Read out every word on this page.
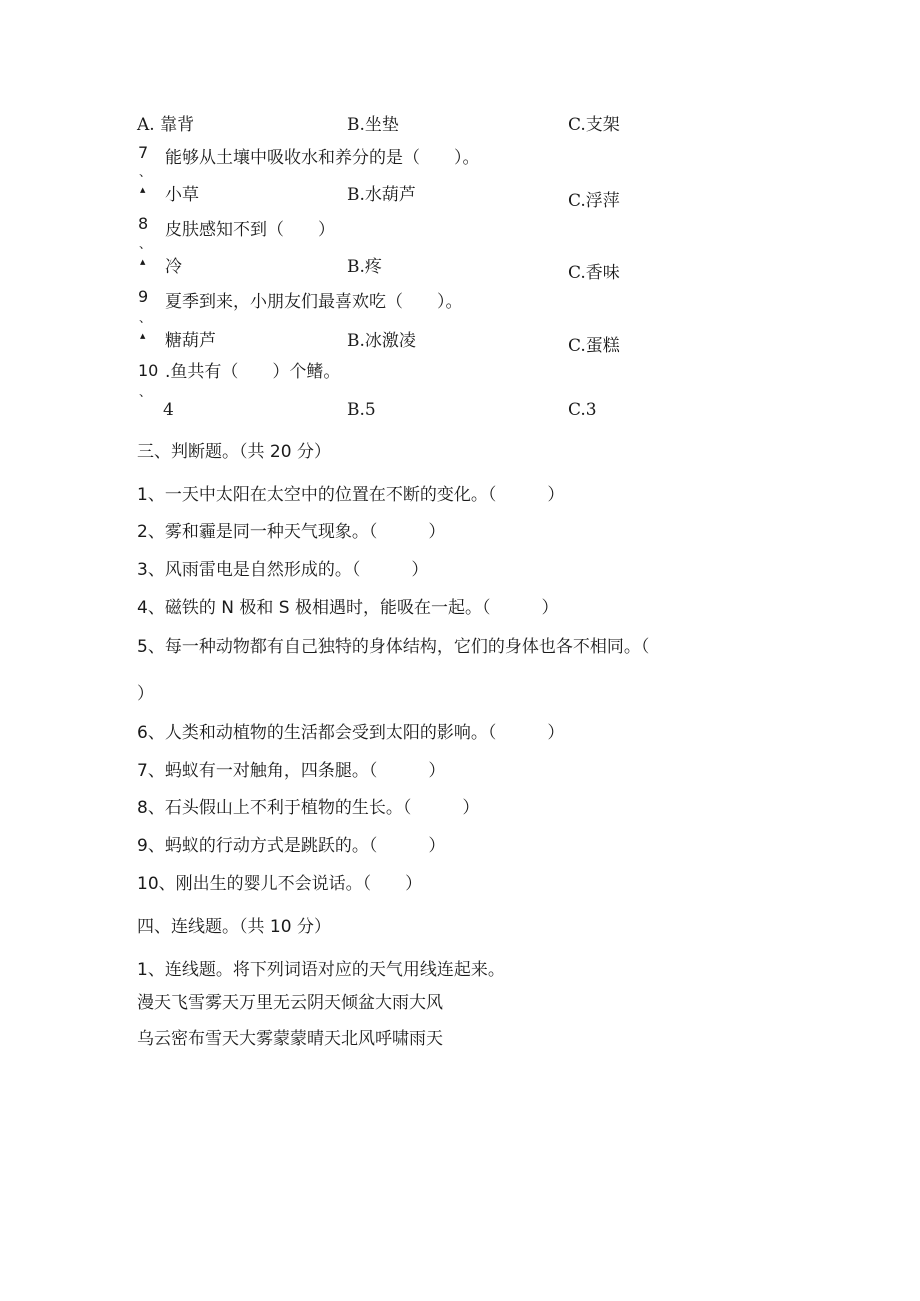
A. 靠背	B.坐垫	C.支架
7
、
▲
能够从土壤中吸收水和养分的是（　　）。
小草	B.水葫芦	C.浮萍
8
、
▲
皮肤感知不到（　　）
冷	B.疼	C.香味
9
、
▲
夏季到来，小朋友们最喜欢吃（　　）。
糖葫芦	B.冰激凌	C.蛋糕
10
、
.鱼共有（　　）个鳍。
4	B.5	C.3
三、判断题。（共 20 分）
1、一天中太阳在太空中的位置在不断的变化。（　　　）
2、雾和霾是同一种天气现象。（　　　）
3、风雨雷电是自然形成的。（　　　）
4、磁铁的 N 极和 S 极相遇时，能吸在一起。（　　　）
5、每一种动物都有自己独特的身体结构，它们的身体也各不相同。（
）
6、人类和动植物的生活都会受到太阳的影响。（　　　）
7、蚂蚁有一对触角，四条腿。（　　　）
8、石头假山上不利于植物的生长。（　　　）
9、蚂蚁的行动方式是跳跃的。（　　　）
10、刚出生的婴儿不会说话。（　　）
四、连线题。（共 10 分）
1、连线题。将下列词语对应的天气用线连起来。
漫天飞雪雾天万里无云阴天倾盆大雨大风
乌云密布雪天大雾蒙蒙晴天北风呼啸雨天
